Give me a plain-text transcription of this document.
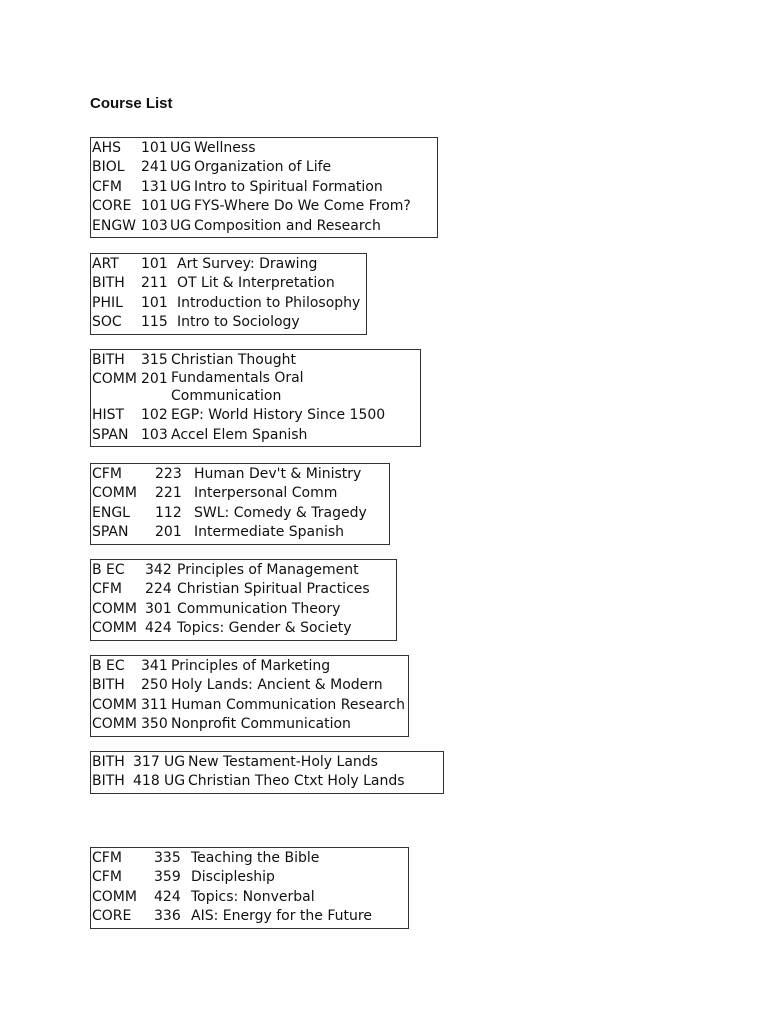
Course List
AHS 101 UG Wellness
BIOL 241 UG Organization of Life
CFM 131 UG Intro to Spiritual Formation
CORE 101 UG FYS-Where Do We Come From?
ENGW 103 UG Composition and Research
ART 101 Art Survey: Drawing
BITH 211 OT Lit & Interpretation
PHIL 101 Introduction to Philosophy
SOC 115 Intro to Sociology
BITH 315 Christian Thought
COMM 201 Fundamentals Oral Communication
HIST 102 EGP: World History Since 1500
SPAN 103 Accel Elem Spanish
CFM 223 Human Dev't & Ministry
COMM 221 Interpersonal Comm
ENGL 112 SWL: Comedy & Tragedy
SPAN 201 Intermediate Spanish
B EC 342 Principles of Management
CFM 224 Christian Spiritual Practices
COMM 301 Communication Theory
COMM 424 Topics: Gender & Society
B EC 341 Principles of Marketing
BITH 250 Holy Lands: Ancient & Modern
COMM 311 Human Communication Research
COMM 350 Nonprofit Communication
BITH 317 UG New Testament-Holy Lands
BITH 418 UG Christian Theo Ctxt Holy Lands
CFM 335 Teaching the Bible
CFM 359 Discipleship
COMM 424 Topics: Nonverbal
CORE 336 AIS: Energy for the Future
